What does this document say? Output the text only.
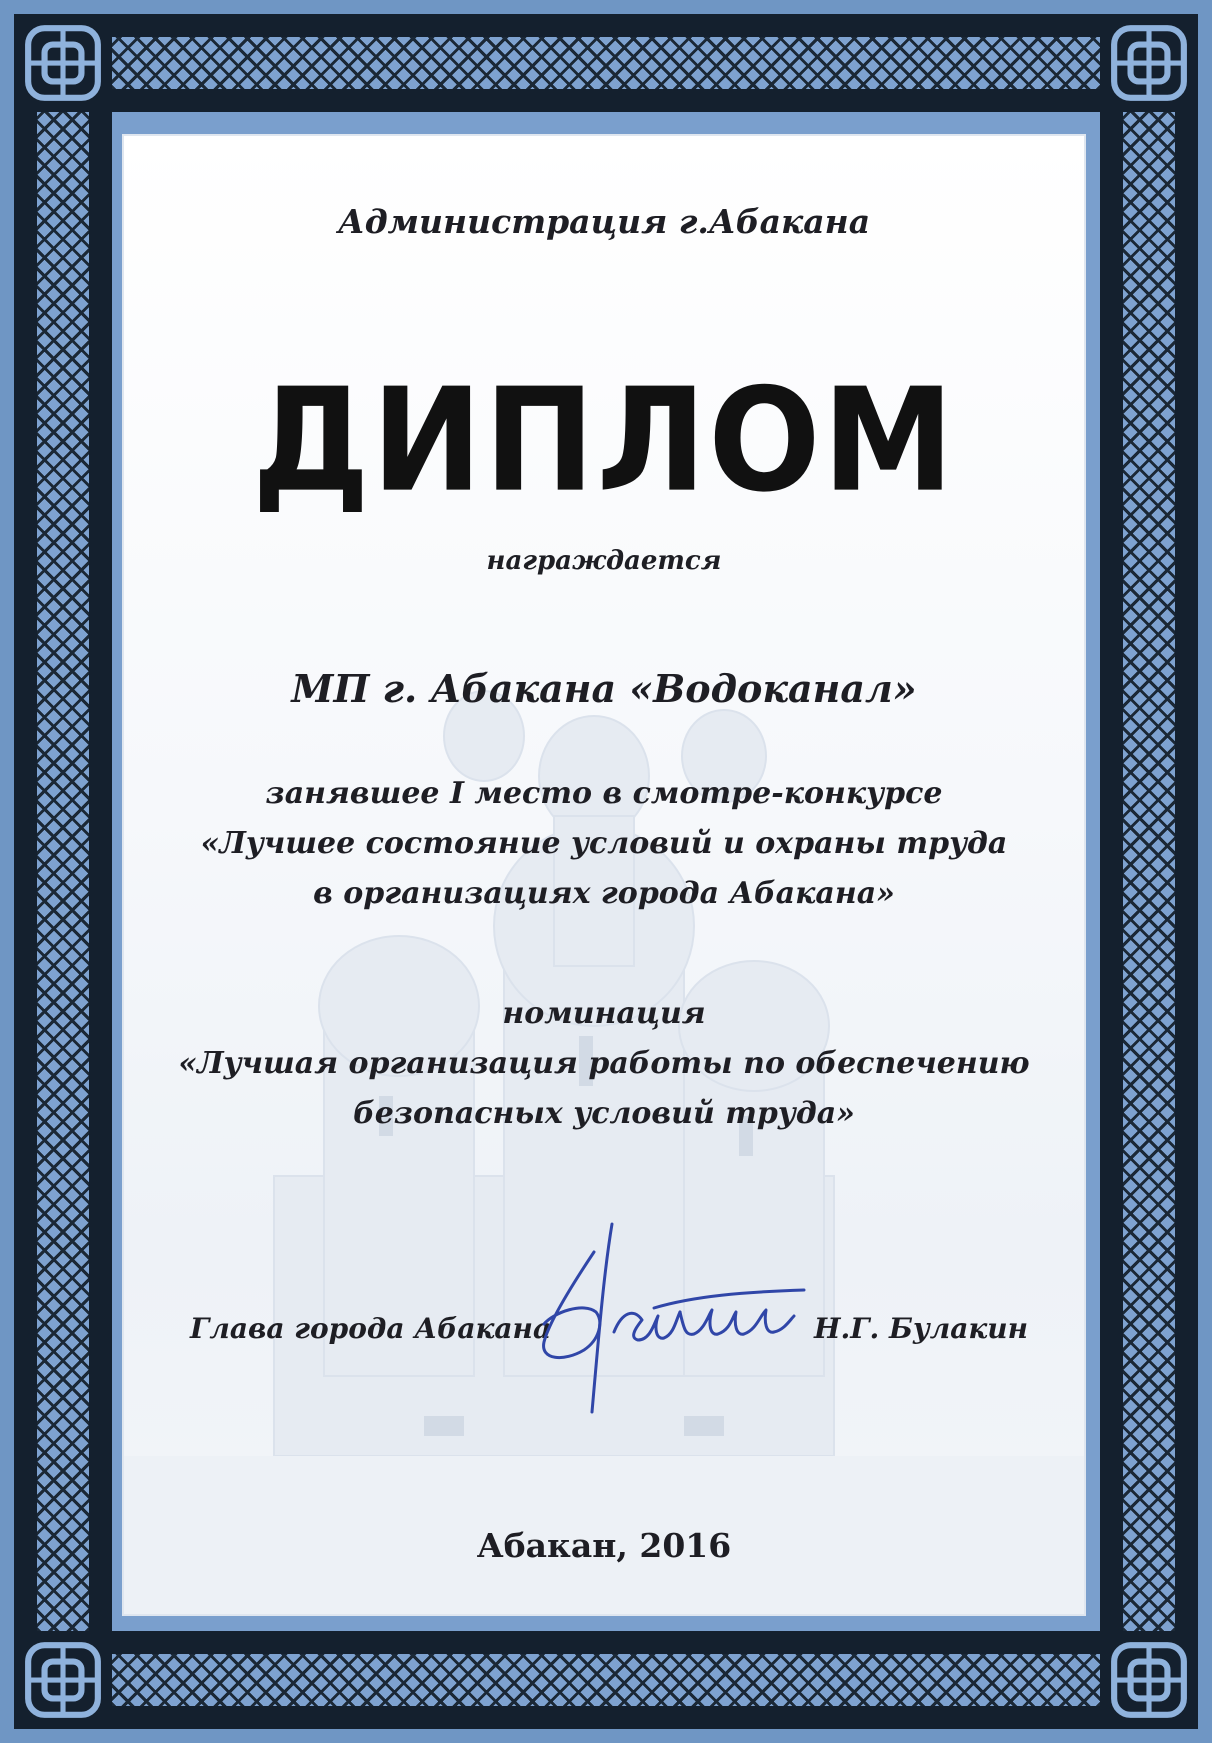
Администрация г.Абакана
ДИПЛОМ
награждается
МП г. Абакана «Водоканал»
занявшее I место в смотре-конкурсе
«Лучшее состояние условий и охраны труда
в организациях города Абакана»
номинация
«Лучшая организация работы по обеспечению
безопасных условий труда»
Глава города Абакана	Н.Г. Булакин
Абакан, 2016
